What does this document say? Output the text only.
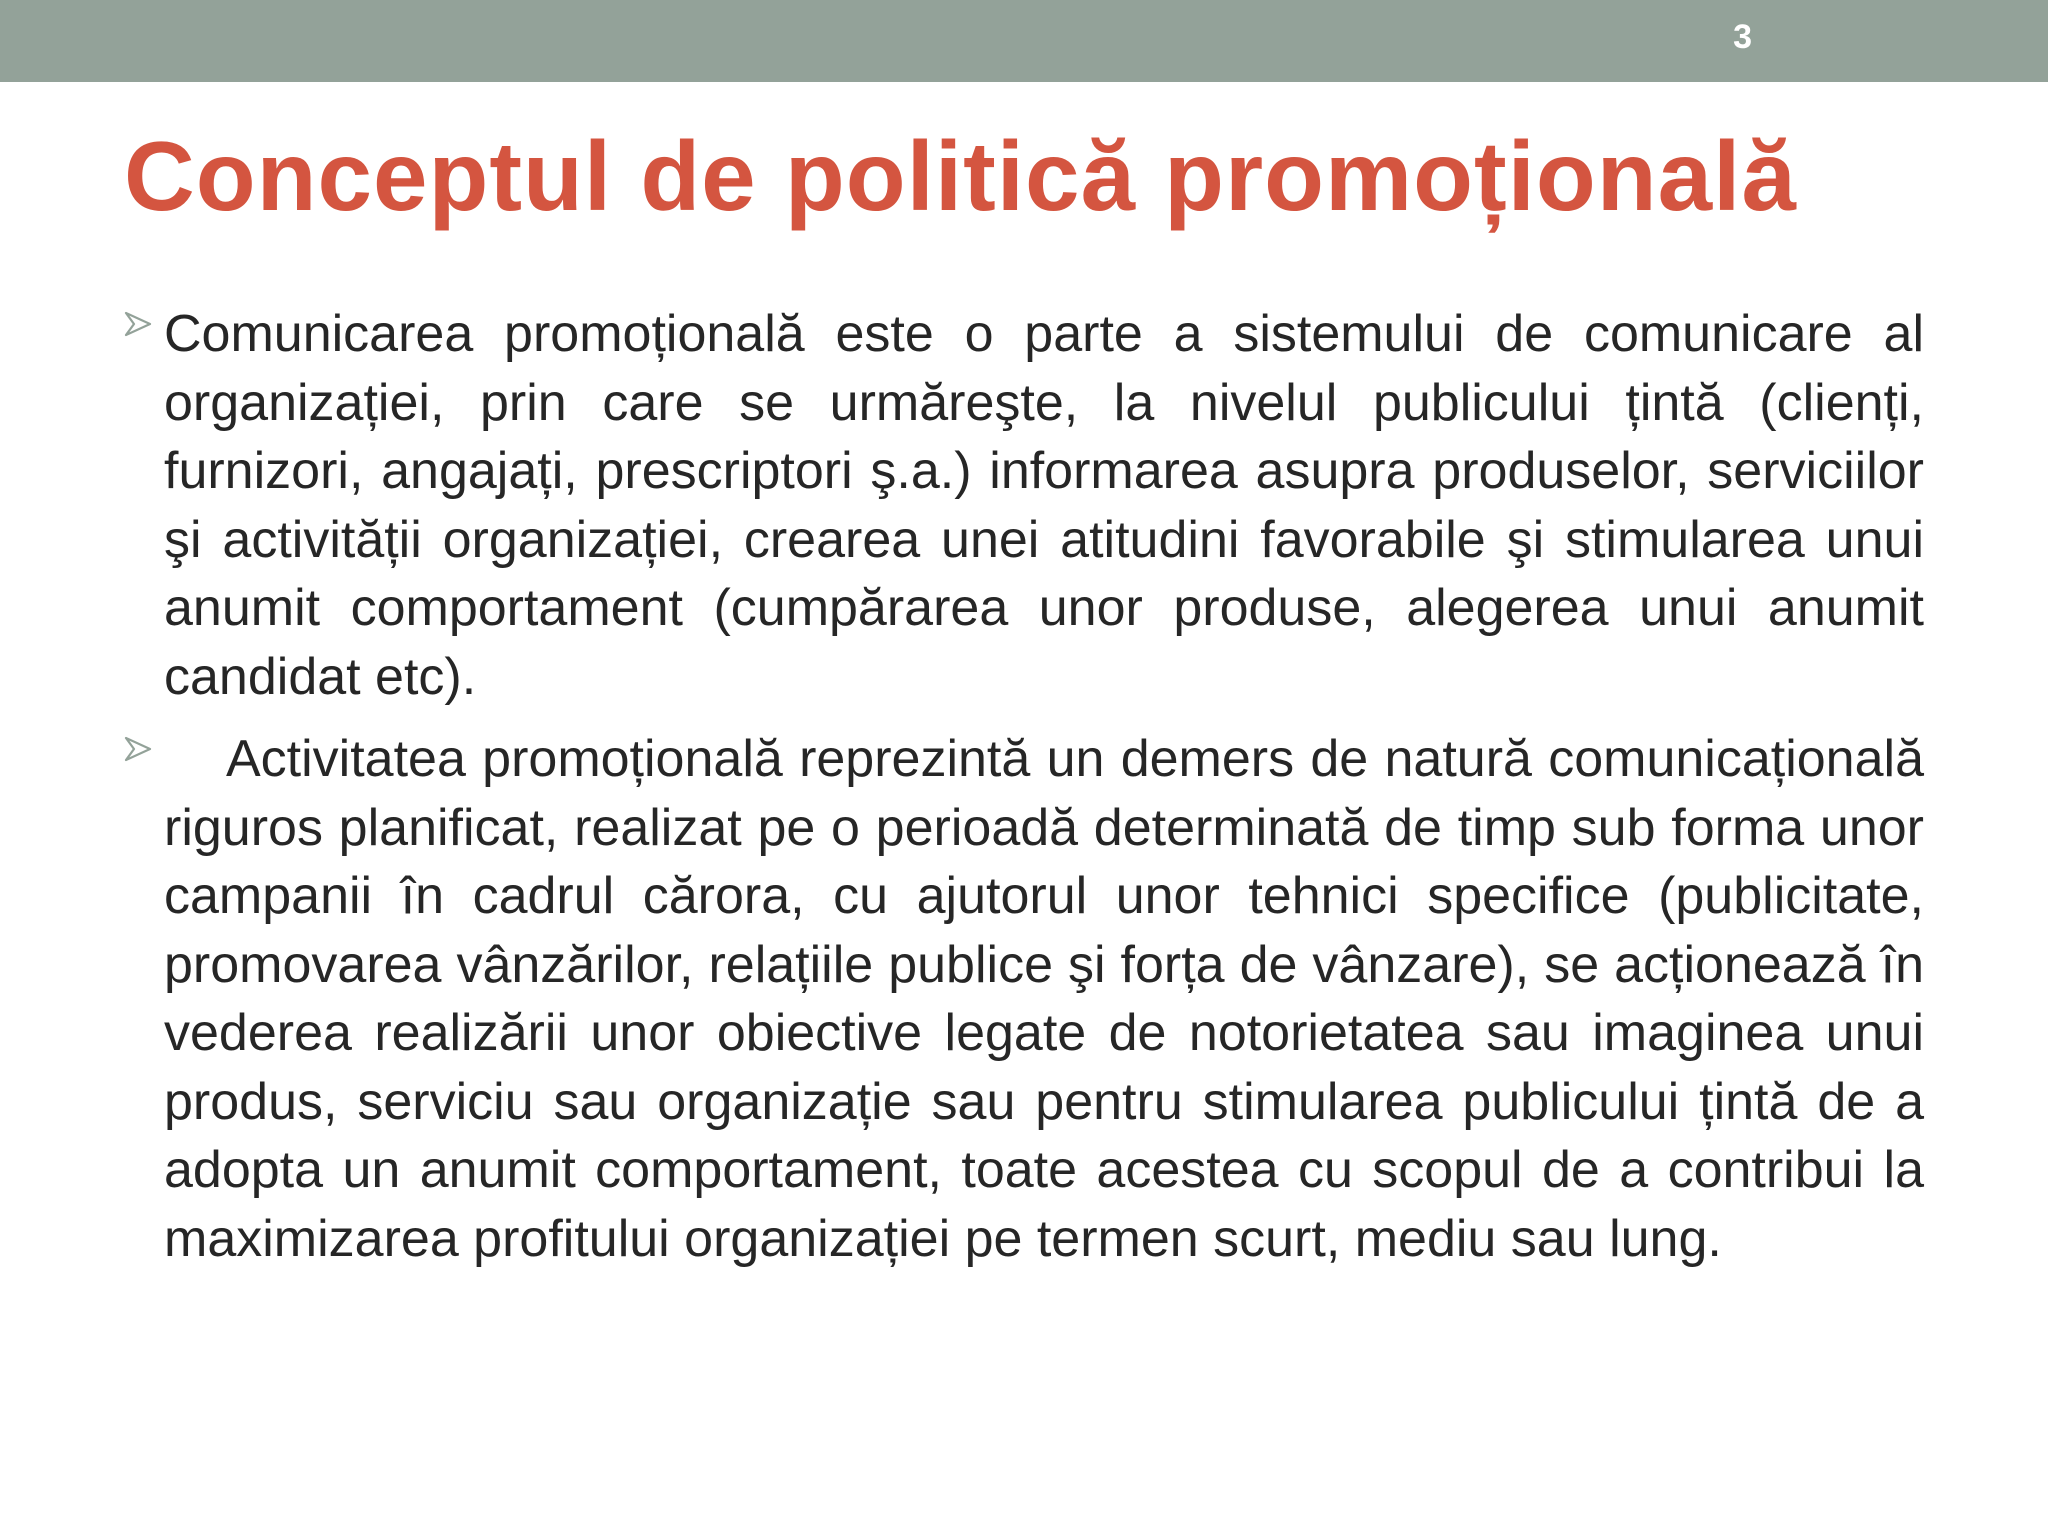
3
Conceptul de politică promoțională

Comunicarea promoțională este o parte a sistemului de comunicare al organizației, prin care se urmăreşte, la nivelul publicului țintă (clienți, furnizori, angajați, prescriptori ş.a.) informarea asupra produselor, serviciilor şi activității organizației, crearea unei atitudini favorabile şi stimularea unui anumit comportament (cumpărarea unor produse, alegerea unui anumit candidat etc).

Activitatea promoțională reprezintă un demers de natură comunicațională riguros planificat, realizat pe o perioadă determinată de timp sub forma unor campanii în cadrul cărora, cu ajutorul unor tehnici specifice (publicitate, promovarea vânzărilor, relațiile publice şi forța de vânzare), se acționează în vederea realizării unor obiective legate de notorietatea sau imaginea unui produs, serviciu sau organizație sau pentru stimularea publicului țintă de a adopta un anumit comportament, toate acestea cu scopul de a contribui la maximizarea profitului organizației pe termen scurt, mediu sau lung.
